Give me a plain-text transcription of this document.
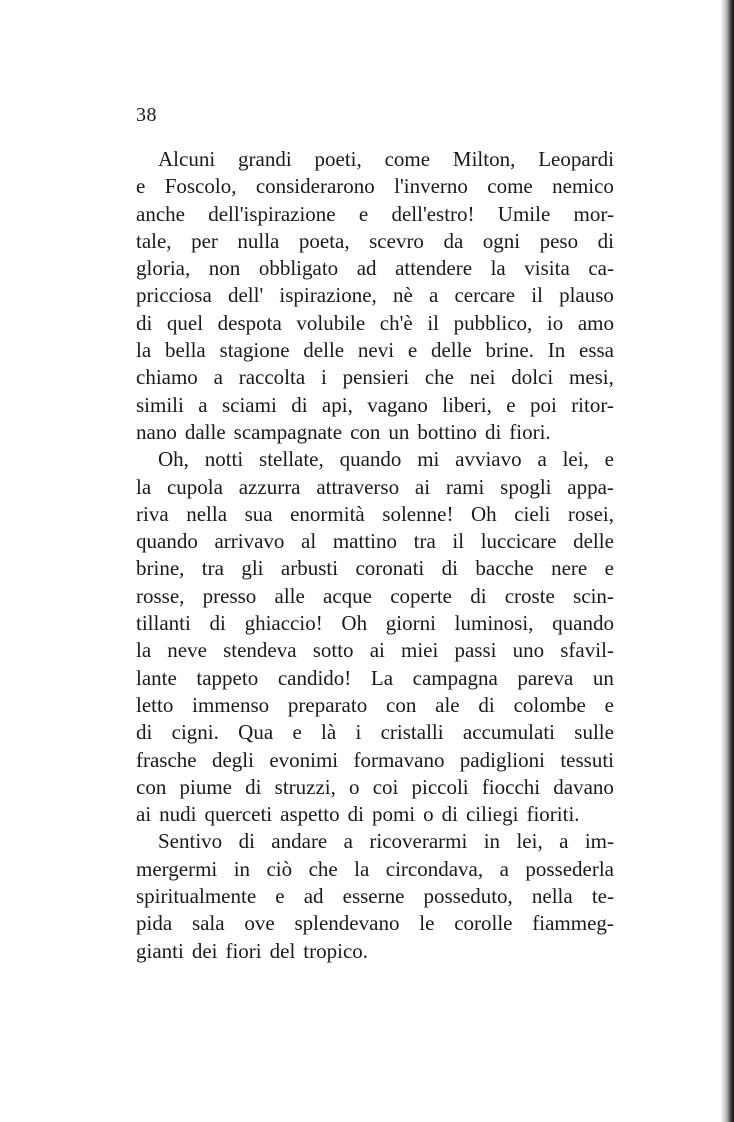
38
Alcuni grandi poeti, come Milton, Leopardi
e Foscolo, considerarono l'inverno come nemico
anche dell'ispirazione e dell'estro! Umile mor-
tale, per nulla poeta, scevro da ogni peso di
gloria, non obbligato ad attendere la visita ca-
pricciosa dell' ispirazione, nè a cercare il plauso
di quel despota volubile ch'è il pubblico, io amo
la bella stagione delle nevi e delle brine. In essa
chiamo a raccolta i pensieri che nei dolci mesi,
simili a sciami di api, vagano liberi, e poi ritor-
nano dalle scampagnate con un bottino di fiori.
Oh, notti stellate, quando mi avviavo a lei, e
la cupola azzurra attraverso ai rami spogli appa-
riva nella sua enormità solenne! Oh cieli rosei,
quando arrivavo al mattino tra il luccicare delle
brine, tra gli arbusti coronati di bacche nere e
rosse, presso alle acque coperte di croste scin-
tillanti di ghiaccio! Oh giorni luminosi, quando
la neve stendeva sotto ai miei passi uno sfavil-
lante tappeto candido! La campagna pareva un
letto immenso preparato con ale di colombe e
di cigni. Qua e là i cristalli accumulati sulle
frasche degli evonimi formavano padiglioni tessuti
con piume di struzzi, o coi piccoli fiocchi davano
ai nudi querceti aspetto di pomi o di ciliegi fioriti.
Sentivo di andare a ricoverarmi in lei, a im-
mergermi in ciò che la circondava, a possederla
spiritualmente e ad esserne posseduto, nella te-
pida sala ove splendevano le corolle fiammeg-
gianti dei fiori del tropico.
